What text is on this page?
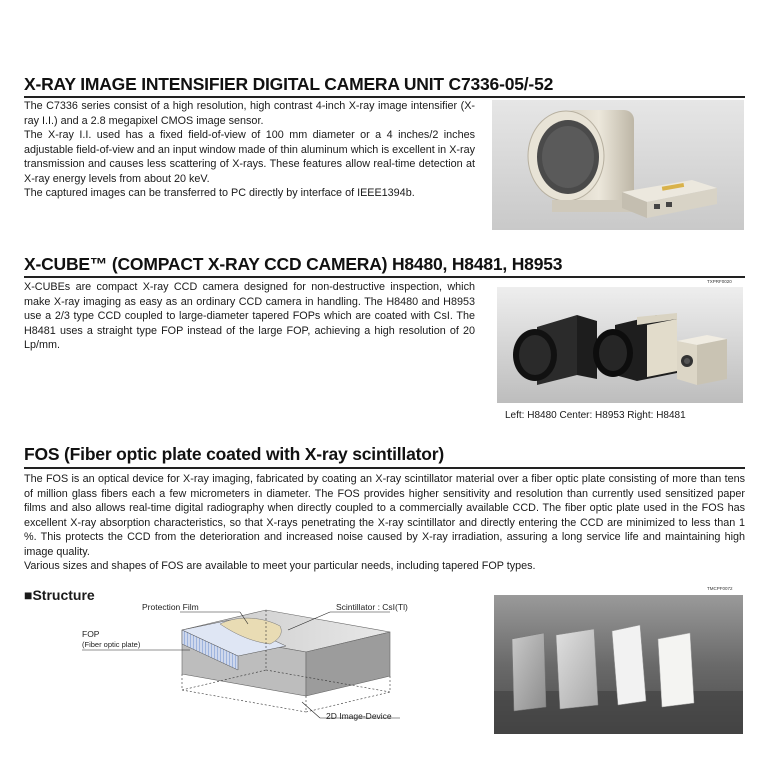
X-RAY IMAGE INTENSIFIER DIGITAL CAMERA UNIT C7336-05/-52

The C7336 series consist of a high resolution, high contrast 4-inch X-ray image intensifier (X-ray I.I.) and a 2.8 megapixel CMOS image sensor.

The X-ray I.I. used has a fixed field-of-view of 100 mm diameter or a 4 inches/2 inches adjustable field-of-view and an input window made of thin aluminum which is excellent in X-ray transmission and causes less scattering of X-rays. These features allow real-time detection at X-ray energy levels from about 20 keV.

The captured images can be transferred to PC directly by interface of IEEE1394b.

X-CUBE™ (COMPACT X-RAY CCD CAMERA) H8480, H8481, H8953

X-CUBEs are compact X-ray CCD camera designed for non-destructive inspection, which make X-ray imaging as easy as an ordinary CCD camera in handling. The H8480 and H8953 use a 2/3 type CCD coupled to large-diameter tapered FOPs which are coated with CsI. The H8481 uses a straight type FOP instead of the large FOP, achieving a high resolution of 20 Lp/mm.

TXPRF0020
Left: H8480 Center: H8953 Right: H8481
FOS (Fiber optic plate coated with X-ray scintillator)

The FOS is an optical device for X-ray imaging, fabricated by coating an X-ray scintillator material over a fiber optic plate consisting of more than tens of million glass fibers each a few micrometers in diameter. The FOS provides higher sensitivity and resolution than currently used sensitized paper films and also allows real-time digital radiography when directly coupled to a commercially available CCD. The fiber optic plate used in the FOS has excellent X-ray absorption characteristics, so that X-rays penetrating the X-ray scintillator and directly entering the CCD are minimized to less than 1 %. This protects the CCD from the deterioration and increased noise caused by X-ray irradiation, assuring a long service life and maintaining high image quality.

Various sizes and shapes of FOS are available to meet your particular needs, including tapered FOP types.

■Structure
Protection Film	Scintillator : CsI(Tl)
FOP
(Fiber optic plate)
2D Image-Device
TMCPF0072
